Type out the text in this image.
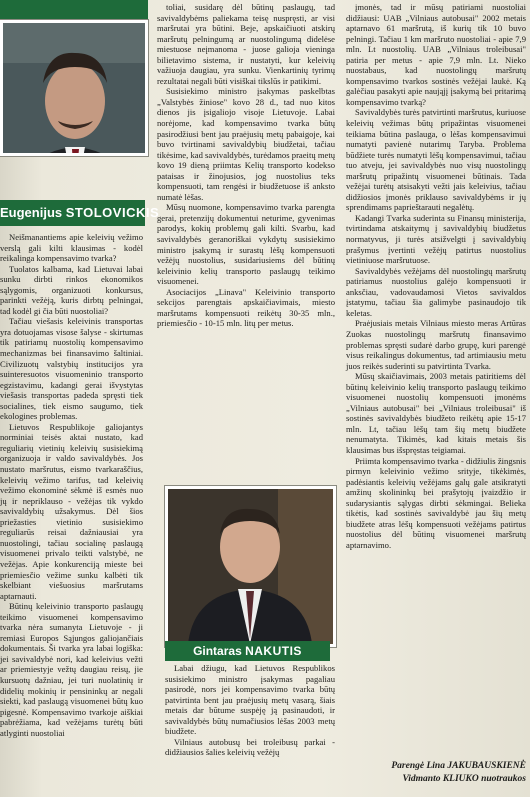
Eugenijus STOLOVICKIS

Neišmanantiems apie keleivių vežimo verslą gali kilti klausimas - kodėl reikalinga kompensavimo tvarka?

Tuolatos kalbama, kad Lietuvai labai sunku dirbti rinkos ekonomikos sąlygomis, organizuoti konkursus, parinkti vežėją, kuris dirbtų pelningai, tad kodėl gi čia būti nuostoliai?

Tačiau viešasis keleivinis transportas yra dotuojamas visose šalyse - skirtumas tik patiriamų nuostolių kompensavimo mechanizmas bei finansavimo šaltiniai. Civilizuotų valstybių institucijos yra suinteresuotos visuomeninio transporto egzistavimu, kadangi gerai išvystytas viešasis transportas padeda spręsti tiek socialines, tiek eismo saugumo, tiek ekologines problemas.

Lietuvos Respublikoje galiojantys norminiai teisės aktai nustato, kad reguliarių vietinių keleivių susisiekimą organizuoja ir valdo savivaldybės. Jos nustato maršrutus, eismo tvarkaraščius, keleivių vežimo tarifus, tad keleivių vežimo ekonominė sėkmė iš esmės nuo jų ir nepriklauso - vežėjas tik vykdo savivaldybių užsakymus. Dėl šios priežasties vietinio susisiekimo reguliarūs reisai dažniausiai yra nuostolingi, tačiau socialinę paslaugą visuomenei privalo teikti valstybė, ne vežėjas. Apie konkurenciją mieste bei priemiesčio vežime sunku kalbėti tik skelbiant viešuosius maršrutams aptarnauti.

Būtinų keleivinio transporto paslaugų teikimo visuomenei kompensavimo tvarka nėra sumanyta Lietuvoje - ji remiasi Europos Sąjungos galiojančiais dokumentais. Ši tvarka yra labai logiška: jei savivaldybė nori, kad keleivius vežti ar priemiestyje vežtų daugiau reisų, jie kursuotų dažniau, jei turi nuolatinių ir didelių mokinių ir pensininkų ar negali siekti, kad paslaugą visuomenei būtų kuo pigesnė. Kompensavimo tvarkoje aiškiai pabrėžiama, kad vežėjams turėtų būti atlyginti nuostoliai

toliai, susidarę dėl būtinų paslaugų, tad savivaldybėms paliekama teisę nuspręsti, ar visi maršrutai yra būtini. Beje, apskaičiuoti atskirų maršrutų pelningumą ar nuostolingumą didelėse miestuose neįmanoma - juose galioja vieninga bilietavimo sistema, ir nustatyti, kur keleivių važiuoja daugiau, yra sunku. Vienkartinių tyrimų rezultatai negali būti visiškai tikslūs ir patikimi.

Susisiekimo ministro įsakymas paskelbtas „Valstybės žiniose" kovo 28 d., tad nuo kitos dienos jis įsigaliojo visoje Lietuvoje. Labai norėjome, kad kompensavimo tvarka būtų pasirodžiusi bent jau praėjusių metų pabaigoje, kai buvo tvirtinami savivaldybių biudžetai, tačiau tikėsime, kad savivaldybės, turėdamos praeitų metų kovo 19 dieną priimtas Kelių transporto kodekso pataisas ir žinojusios, jog nuostolius teks kompensuoti, tam rengėsi ir biudžetuose iš anksto numatė lėšas.

Mūsų nuomone, kompensavimo tvarka parengta gerai, pretenzijų dokumentui neturime, gyvenimas parodys, kokių problemų gali kilti. Svarbu, kad savivaldybės geranoriškai vykdytų susisiekimo ministro įsakymą ir surastų lėšų kompensuoti vežėjų nuostolius, susidariusiems dėl būtinų keleivinio kelių transporto paslaugų teikimo visuomenei.

Asociacijos „Linava" Keleivinio transporto sekcijos parengtais apskaičiavimais, miesto maršrutams kompensuoti reikėtų 30-35 mln., priemiesčio - 10-15 mln. litų per metus.

Gintaras NAKUTIS

Labai džiugu, kad Lietuvos Respublikos susisiekimo ministro įsakymas pagaliau pasirodė, nors jei kompensavimo tvarka būtų patvirtinta bent jau praėjusių metų vasarą, šiais metais dar būtume suspėję ją pasinaudoti, ir savivaldybės būtų numačiusios lėšas 2003 metų biudžete.

Vilniaus autobusų bei troleibusų parkai - didžiausios šalies keleivių vežėjų

įmonės, tad ir mūsų patiriami nuostoliai didžiausi: UAB „Vilniaus autobusai" 2002 metais aptarnavo 61 maršrutą, iš kurių tik 10 buvo pelningi. Tačiau 1 km maršruto nuostoliai - apie 7,9 mln. Lt nuostolių. UAB „Vilniaus troleibusai" patiria per metus - apie 7,9 mln. Lt. Nieko nuostabaus, kad nuostolingų maršrutų kompensavimo tvarkos sostinės vežėjai laukė. Ką galėčiau pasakyti apie naująjį įsakymą bei pritarimą kompensavimo tvarką?

Savivaldybės turės patvirtinti maršrutus, kuriuose keleivių vežimas būtų pripažintas visuomenei teikiama būtina paslauga, o lėšas kompensavimui numatyti pavienė nutarimų Taryba. Problema būdžiete turės numatyti lėšų kompensavimui, tačiau tuo atveju, jei savivaldybės nuo visų nuostolingų maršrutų pripažintų visuomenei būtinais. Tada vežėjai turėtų atsisakyti vežti jais keleivius, tačiau didžiosios įmonės priklauso savivaldybėms ir jų sprendimams paprieštarauti negalėtų.

Kadangi Tvarka suderinta su Finansų ministerija, tvirtindama atskaitymų į savivaldybių biudžetus normatyvus, ji turės atsižvelgti į savivaldybių prašymus įvertinti vežėjų patirtus nuostolius vietiniuose maršrutuose.

Savivaldybės vežėjams dėl nuostolingų maršrutų patiriamus nuostolius galėjo kompensuoti ir anksčiau, vadovaudamosi Vietos savivaldos įstatymu, tačiau šia galimybe pasinaudojo tik keletas.

Praėjusiais metais Vilniaus miesto meras Artūras Zuokas nuostolingų maršrutų finansavimo problemas spręsti sudarė darbo grupę, kuri parengė visus reikalingus dokumentus, tad artimiausiu metu juos reikės suderinti su patvirtinta Tvarka.

Mūsų skaičiavimais, 2003 metais patiritiems dėl būtinų keleivinio kelių transporto paslaugų teikimo visuomenei nuostolių kompensuoti įmonėms „Vilniaus autobusai" bei „Vilniaus troleibusai" iš sostinės savivaldybės biudžeto reikėtų apie 15-17 mln. Lt, tačiau lėšų tam šių metų biudžete nenumatyta. Tikimės, kad kitais metais šis klausimas bus išspręstas teigiamai.

Priimta kompensavimo tvarka - didžiulis žingsnis pirmyn keleivinio vežimo srityje, tikėkimės, padėsiantis keleivių vežėjams galų gale atsikratyti amžinų skolininkų bei prašytojų įvaizdžio ir sudarysiantis sąlygas dirbti sėkmingai. Belieka tikėtis, kad sostinės savivaldybė jau šių metų biudžete atras lėšų kompensuoti vežėjams patirtus nuostolius dėl būtinų visuomenei maršrutų aptarnavimo.

Parengė Lina JAKUBAUSKIENĖ
Vidmanto KLIUKO nuotraukos
